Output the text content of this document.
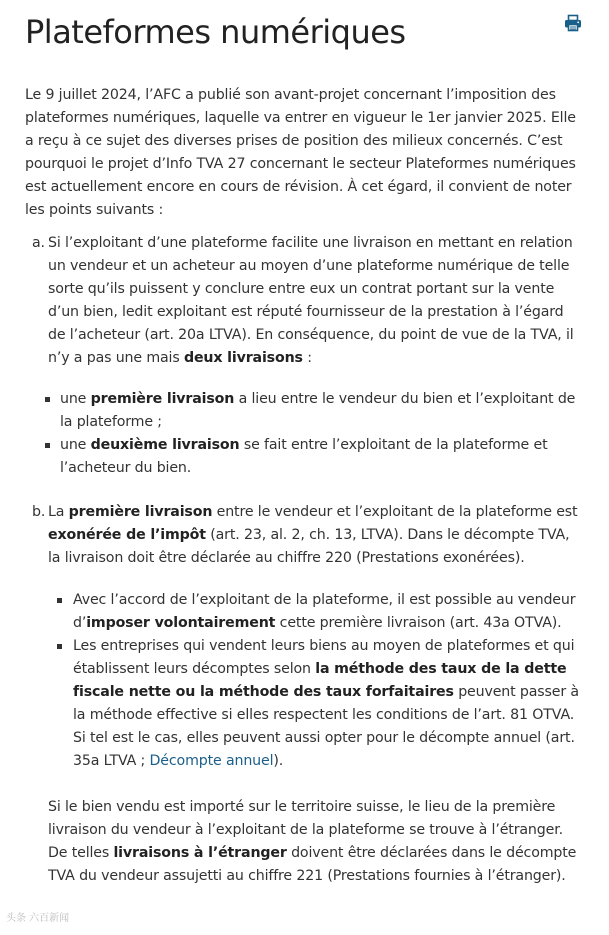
Plateformes numériques

Le 9 juillet 2024, l’AFC a publié son avant-projet concernant l’imposition des plateformes numériques, laquelle va entrer en vigueur le 1er janvier 2025. Elle a reçu à ce sujet des diverses prises de position des milieux concernés. C’est pourquoi le projet d’Info TVA 27 concernant le secteur Plateformes numériques est actuellement encore en cours de révision. À cet égard, il convient de noter les points suivants :

a. Si l’exploitant d’une plateforme facilite une livraison en mettant en relation un vendeur et un acheteur au moyen d’une plateforme numérique de telle sorte qu’ils puissent y conclure entre eux un contrat portant sur la vente d’un bien, ledit exploitant est réputé fournisseur de la prestation à l’égard de l’acheteur (art. 20a LTVA). En conséquence, du point de vue de la TVA, il n’y a pas une mais deux livraisons :

une première livraison a lieu entre le vendeur du bien et l’exploitant de la plateforme ;
une deuxième livraison se fait entre l’exploitant de la plateforme et l’acheteur du bien.
b. La première livraison entre le vendeur et l’exploitant de la plateforme est exonérée de l’impôt (art. 23, al. 2, ch. 13, LTVA). Dans le décompte TVA, la livraison doit être déclarée au chiffre 220 (Prestations exonérées).

Avec l’accord de l’exploitant de la plateforme, il est possible au vendeur d’imposer volontairement cette première livraison (art. 43a OTVA).
Les entreprises qui vendent leurs biens au moyen de plateformes et qui établissent leurs décomptes selon la méthode des taux de la dette fiscale nette ou la méthode des taux forfaitaires peuvent passer à la méthode effective si elles respectent les conditions de l’art. 81 OTVA. Si tel est le cas, elles peuvent aussi opter pour le décompte annuel (art. 35a LTVA ; Décompte annuel).

Si le bien vendu est importé sur le territoire suisse, le lieu de la première livraison du vendeur à l’exploitant de la plateforme se trouve à l’étranger. De telles livraisons à l’étranger doivent être déclarées dans le décompte TVA du vendeur assujetti au chiffre 221 (Prestations fournies à l’étranger).

头条 六百新闻
